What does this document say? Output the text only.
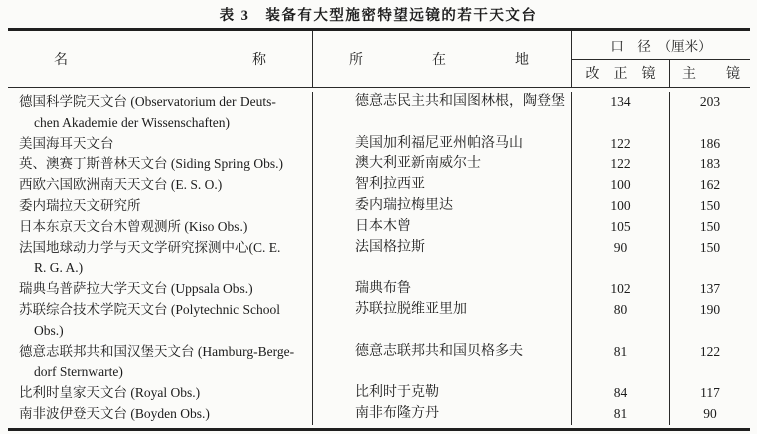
表 3　装备有大型施密特望远镜的若干天文台
名	称	所	在	地
口　径　（厘米）
改　正　镜	主 镜
德国科学院天文台 (Observatorium der Deuts-
chen Akademie der Wissenschaften)
德意志民主共和国图林根，陶登堡	134	203
美国海耳天文台	美国加利福尼亚州帕洛马山	122	186
英、澳赛丁斯普林天文台 (Siding Spring Obs.)	澳大利亚新南威尔士	122	183
西欧六国欧洲南天天文台 (E. S. O.)	智利拉西亚	100	162
委内瑞拉天文研究所	委内瑞拉梅里达	100	150
日本东京天文台木曾观测所 (Kiso Obs.)	日本木曾	105	150
法国地球动力学与天文学研究探测中心(C. E.
R. G. A.)
法国格拉斯	90	150
瑞典乌普萨拉大学天文台 (Uppsala Obs.)	瑞典布鲁	102	137
苏联综合技术学院天文台 (Polytechnic School
Obs.)
苏联拉脱维亚里加	80	190
德意志联邦共和国汉堡天文台 (Hamburg-Berge-
dorf Sternwarte)
德意志联邦共和国贝格多夫	81	122
比利时皇家天文台 (Royal Obs.)	比利时于克勒	84	117
南非波伊登天文台 (Boyden Obs.)	南非布隆方丹	81	90
